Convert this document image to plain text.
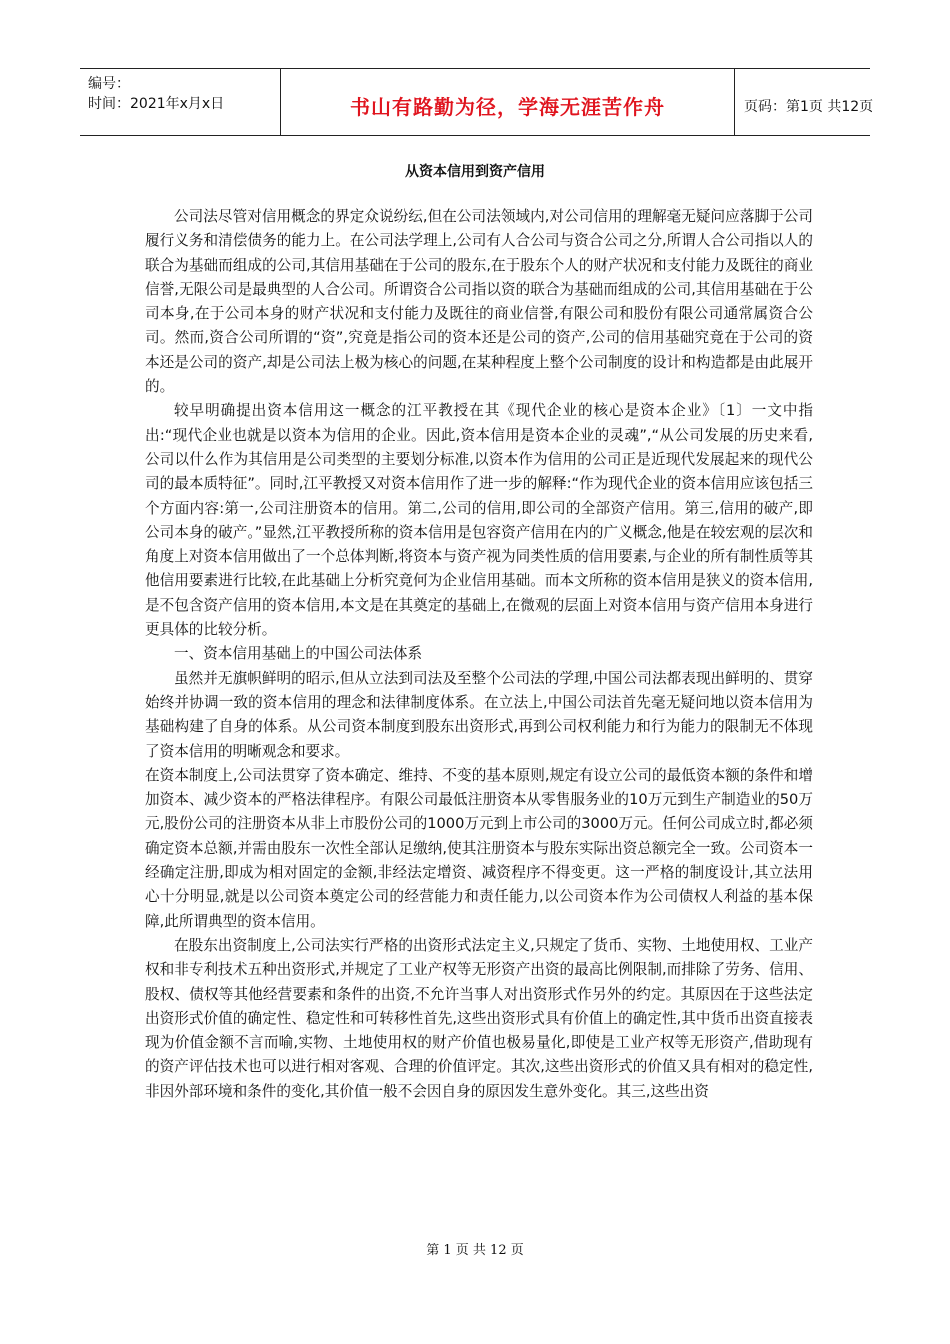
编号：
时间：2021年x月x日	书山有路勤为径，学海无涯苦作舟	页码：第1页 共12页
从资本信用到资产信用

公司法尽管对信用概念的界定众说纷纭,但在公司法领域内,对公司信用的理解毫无疑问应落脚于公司履行义务和清偿债务的能力上。在公司法学理上,公司有人合公司与资合公司之分,所谓人合公司指以人的联合为基础而组成的公司,其信用基础在于公司的股东,在于股东个人的财产状况和支付能力及既往的商业信誉,无限公司是最典型的人合公司。所谓资合公司指以资的联合为基础而组成的公司,其信用基础在于公司本身,在于公司本身的财产状况和支付能力及既往的商业信誉,有限公司和股份有限公司通常属资合公司。然而,资合公司所谓的“资”,究竟是指公司的资本还是公司的资产,公司的信用基础究竟在于公司的资本还是公司的资产,却是公司法上极为核心的问题,在某种程度上整个公司制度的设计和构造都是由此展开的。

较早明确提出资本信用这一概念的江平教授在其《现代企业的核心是资本企业》〔1〕一文中指出:“现代企业也就是以资本为信用的企业。因此,资本信用是资本企业的灵魂”,“从公司发展的历史来看,公司以什么作为其信用是公司类型的主要划分标准,以资本作为信用的公司正是近现代发展起来的现代公司的最本质特征”。同时,江平教授又对资本信用作了进一步的解释:“作为现代企业的资本信用应该包括三个方面内容:第一,公司注册资本的信用。第二,公司的信用,即公司的全部资产信用。第三,信用的破产,即公司本身的破产。”显然,江平教授所称的资本信用是包容资产信用在内的广义概念,他是在较宏观的层次和角度上对资本信用做出了一个总体判断,将资本与资产视为同类性质的信用要素,与企业的所有制性质等其他信用要素进行比较,在此基础上分析究竟何为企业信用基础。而本文所称的资本信用是狭义的资本信用,是不包含资产信用的资本信用,本文是在其奠定的基础上,在微观的层面上对资本信用与资产信用本身进行更具体的比较分析。

一、资本信用基础上的中国公司法体系

虽然并无旗帜鲜明的昭示,但从立法到司法及至整个公司法的学理,中国公司法都表现出鲜明的、贯穿始终并协调一致的资本信用的理念和法律制度体系。在立法上,中国公司法首先毫无疑问地以资本信用为基础构建了自身的体系。从公司资本制度到股东出资形式,再到公司权利能力和行为能力的限制无不体现了资本信用的明晰观念和要求。

在资本制度上,公司法贯穿了资本确定、维持、不变的基本原则,规定有设立公司的最低资本额的条件和增加资本、减少资本的严格法律程序。有限公司最低注册资本从零售服务业的10万元到生产制造业的50万元,股份公司的注册资本从非上市股份公司的1000万元到上市公司的3000万元。任何公司成立时,都必须确定资本总额,并需由股东一次性全部认足缴纳,使其注册资本与股东实际出资总额完全一致。公司资本一经确定注册,即成为相对固定的金额,非经法定增资、减资程序不得变更。这一严格的制度设计,其立法用心十分明显,就是以公司资本奠定公司的经营能力和责任能力,以公司资本作为公司债权人利益的基本保障,此所谓典型的资本信用。

在股东出资制度上,公司法实行严格的出资形式法定主义,只规定了货币、实物、土地使用权、工业产权和非专利技术五种出资形式,并规定了工业产权等无形资产出资的最高比例限制,而排除了劳务、信用、股权、债权等其他经营要素和条件的出资,不允许当事人对出资形式作另外的约定。其原因在于这些法定出资形式价值的确定性、稳定性和可转移性首先,这些出资形式具有价值上的确定性,其中货币出资直接表现为价值金额不言而喻,实物、土地使用权的财产价值也极易量化,即使是工业产权等无形资产,借助现有的资产评估技术也可以进行相对客观、合理的价值评定。其次,这些出资形式的价值又具有相对的稳定性,非因外部环境和条件的变化,其价值一般不会因自身的原因发生意外变化。其三,这些出资

第 1 页 共 12 页
